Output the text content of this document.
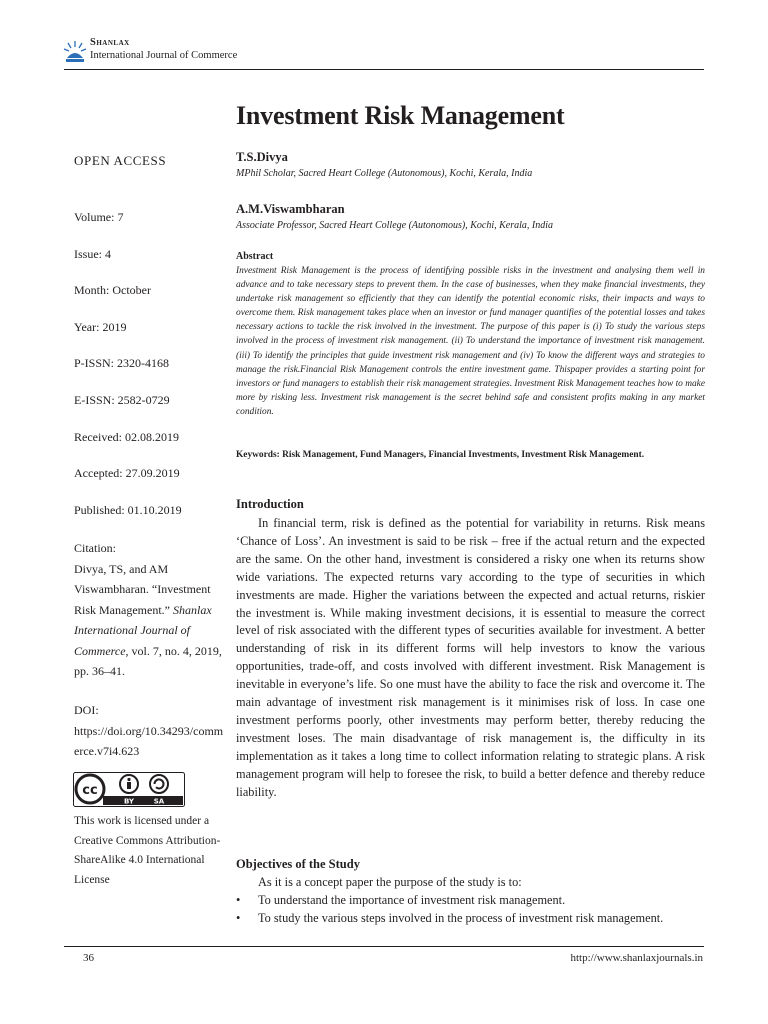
Shanlax
International Journal of Commerce
Investment Risk Management
OPEN ACCESS
Volume: 7
Issue: 4
Month: October
Year: 2019
P-ISSN: 2320-4168
E-ISSN: 2582-0729
Received: 02.08.2019
Accepted: 27.09.2019
Published: 01.10.2019
Citation:
Divya, TS, and AM Viswambharan. “Investment Risk Management.” Shanlax International Journal of Commerce, vol. 7, no. 4, 2019, pp. 36–41.
DOI:
https://doi.org/10.34293/commerce.v7i4.623
cc
BY	SA
This work is licensed under a Creative Commons Attribution-ShareAlike 4.0 International License
T.S.Divya
MPhil Scholar, Sacred Heart College (Autonomous), Kochi, Kerala, India
A.M.Viswambharan
Associate Professor, Sacred Heart College (Autonomous), Kochi, Kerala, India
Abstract
Investment Risk Management is the process of identifying possible risks in the investment and analysing them well in advance and to take necessary steps to prevent them. In the case of businesses, when they make financial investments, they undertake risk management so efficiently that they can identify the potential economic risks, their impacts and ways to overcome them. Risk management takes place when an investor or fund manager quantifies of the potential losses and takes necessary actions to tackle the risk involved in the investment. The purpose of this paper is (i) To study the various steps involved in the process of investment risk management. (ii) To understand the importance of investment risk management. (iii) To identify the principles that guide investment risk management and (iv) To know the different ways and strategies to manage the risk.Financial Risk Management controls the entire investment game. Thispaper provides a starting point for investors or fund managers to establish their risk management strategies. Investment Risk Management teaches how to make more by risking less. Investment risk management is the secret behind safe and consistent profits making in any market condition.
Keywords: Risk Management, Fund Managers, Financial Investments, Investment Risk Management.
Introduction

In financial term, risk is defined as the potential for variability in returns. Risk means ‘Chance of Loss’. An investment is said to be risk – free if the actual return and the expected are the same. On the other hand, investment is considered a risky one when its returns show wide variations. The expected returns vary according to the type of securities in which investments are made. Higher the variations between the expected and actual returns, riskier the investment is. While making investment decisions, it is essential to measure the correct level of risk associated with the different types of securities available for investment. A better understanding of risk in its different forms will help investors to know the various opportunities, trade-off, and costs involved with different investment. Risk Management is inevitable in everyone’s life. So one must have the ability to face the risk and overcome it. The main advantage of investment risk management is it minimises risk of loss. In case one investment performs poorly, other investments may perform better, thereby reducing the investment loses. The main disadvantage of risk management is, the difficulty in its implementation as it takes a long time to collect information relating to strategic plans. A risk management program will help to foresee the risk, to build a better defence and thereby reduce liability.

Objectives of the Study
As it is a concept paper the purpose of the study is to:
• To understand the importance of investment risk management.
• To study the various steps involved in the process of investment risk management.
36	http://www.shanlaxjournals.in
